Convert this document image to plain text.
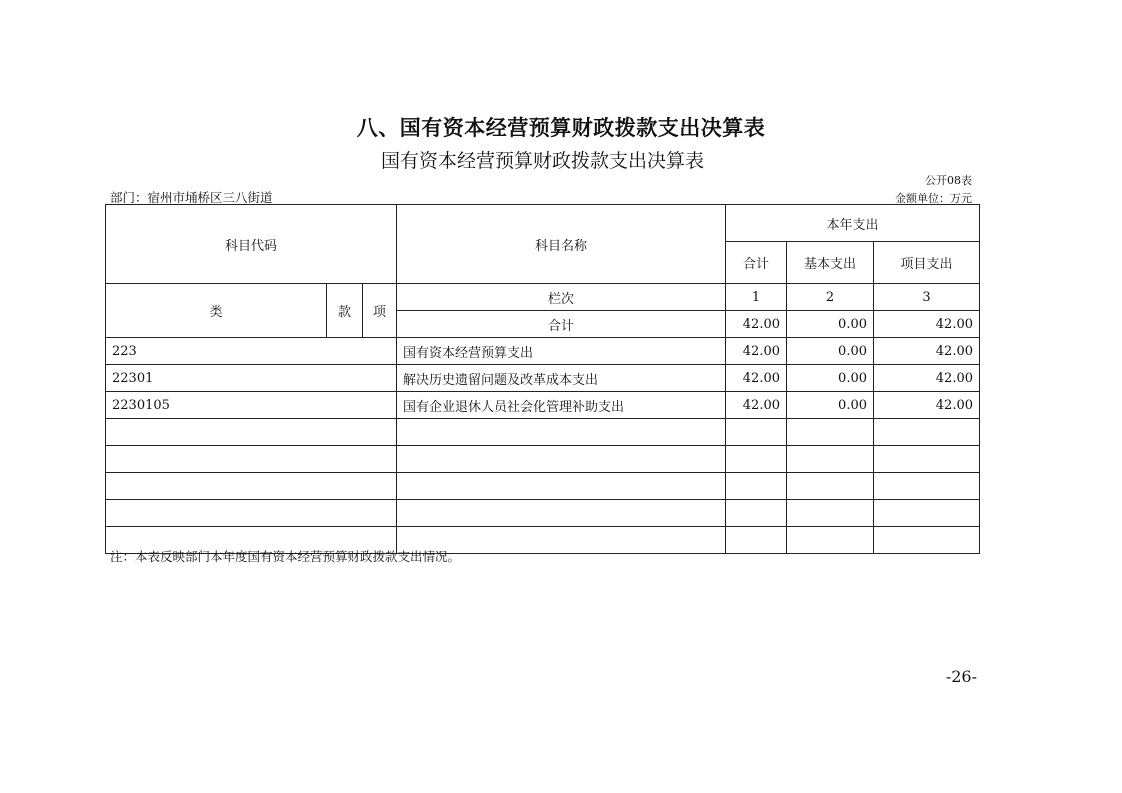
八、国有资本经营预算财政拨款支出决算表
国有资本经营预算财政拨款支出决算表
公开08表
部门：宿州市埇桥区三八街道	金额单位：万元
科目代码			科目名称	本年支出		
				合计	基本支出	项目支出
类	款	项	栏次	1	2	3
			合计	42.00	0.00	42.00
223			国有资本经营预算支出	42.00	0.00	42.00
22301			解决历史遗留问题及改革成本支出	42.00	0.00	42.00
2230105			国有企业退休人员社会化管理补助支出	42.00	0.00	42.00

注：本表反映部门本年度国有资本经营预算财政拨款支出情况。
-26-
